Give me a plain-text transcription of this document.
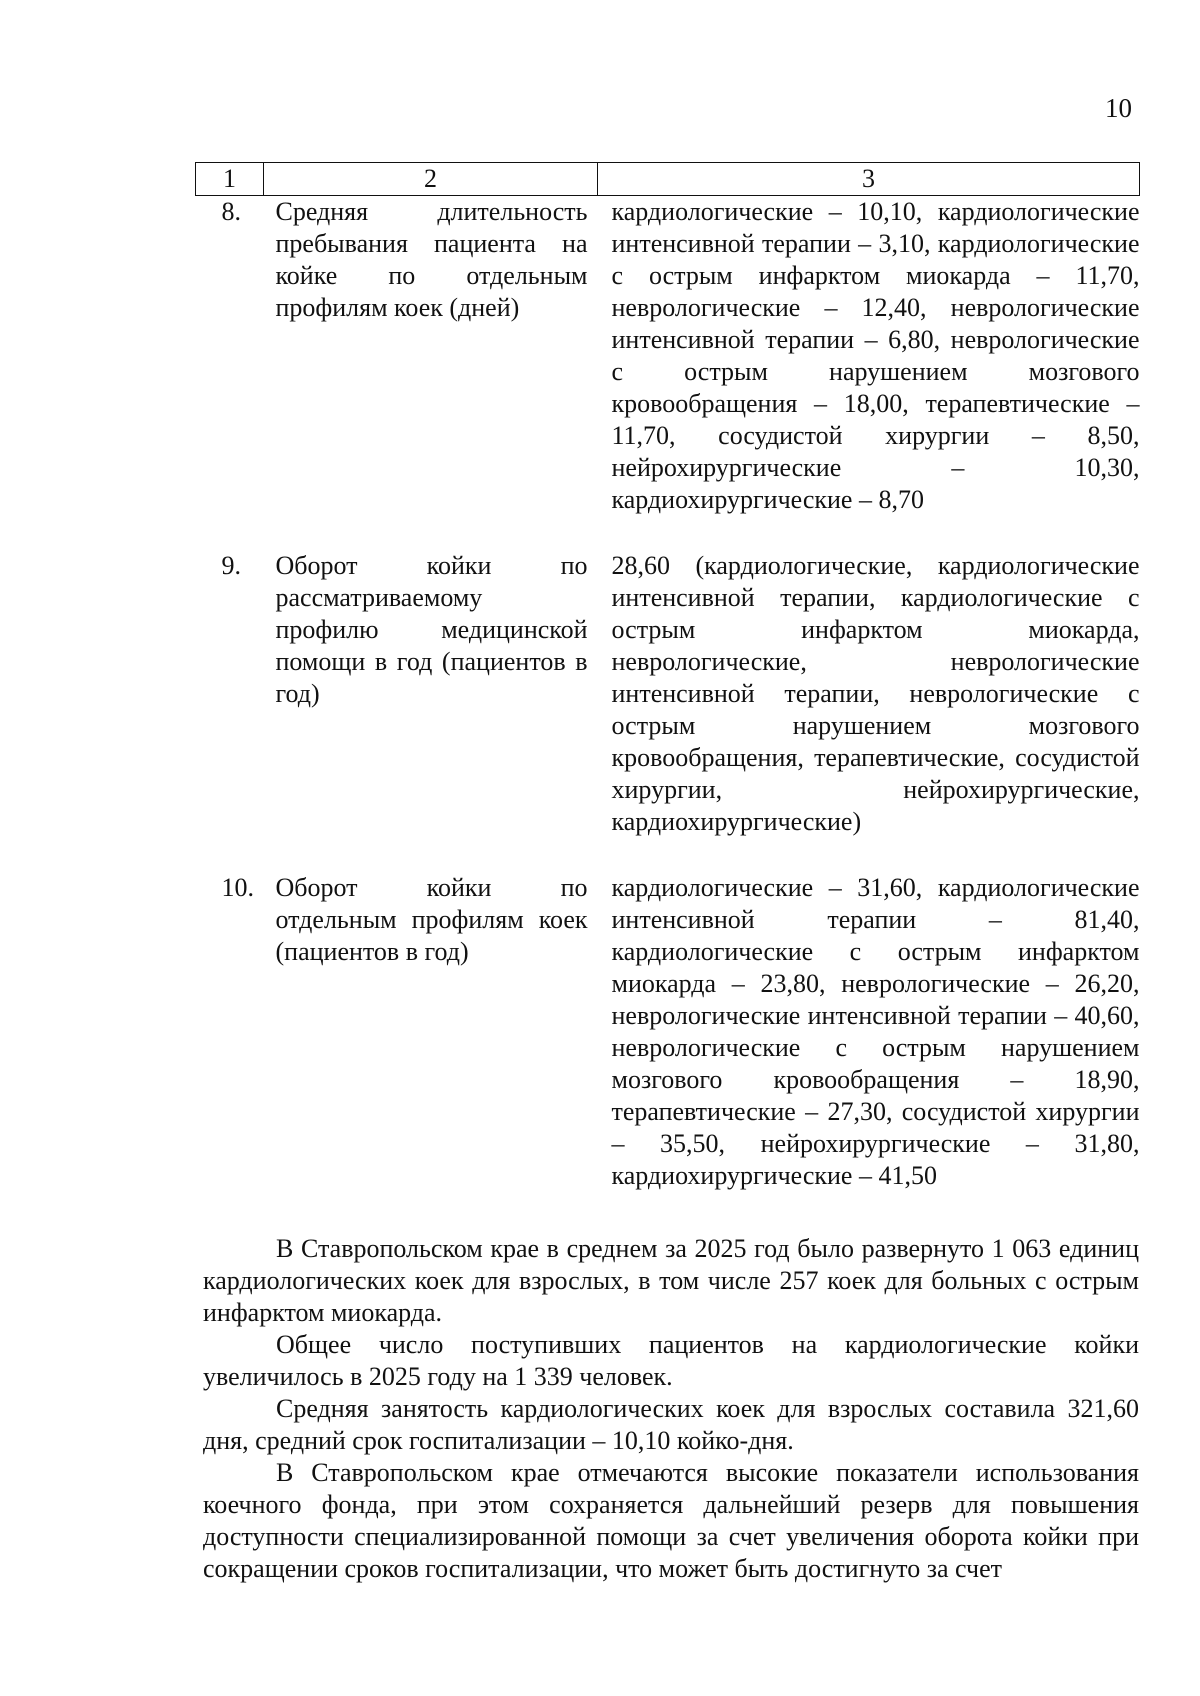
10
1	2	3
8.	Средняя длительность пребывания пациента на койке по отдельным профилям коек (дней)	кардиологические – 10,10, кардиологические интенсивной терапии – 3,10, кардиологические с острым инфарктом миокарда – 11,70, неврологические – 12,40, неврологические интенсивной терапии – 6,80, неврологические с острым нарушением мозгового кровообращения – 18,00, терапевтические – 11,70, сосудистой хирургии – 8,50, нейрохирургические – 10,30, кардиохирургические – 8,70

9.	Оборот койки по рассматриваемому профилю медицинской помощи в год (пациентов в год)	28,60 (кардиологические, кардиологические интенсивной терапии, кардиологические с острым инфарктом миокарда, неврологические, неврологические интенсивной терапии, неврологические с острым нарушением мозгового кровообращения, терапевтические, сосудистой хирургии, нейрохирургические, кардиохирургические)

10.	Оборот койки по отдельным профилям коек (пациентов в год)	кардиологические – 31,60, кардиологические интенсивной терапии – 81,40, кардиологические с острым инфарктом миокарда – 23,80, неврологические – 26,20, неврологические интенсивной терапии – 40,60, неврологические с острым нарушением мозгового кровообращения – 18,90, терапевтические – 27,30, сосудистой хирургии – 35,50, нейрохирургические – 31,80, кардиохирургические – 41,50

В Ставропольском крае в среднем за 2025 год было развернуто 1 063 единиц кардиологических коек для взрослых, в том числе 257 коек для больных с острым инфарктом миокарда.

Общее число поступивших пациентов на кардиологические койки увеличилось в 2025 году на 1 339 человек.

Средняя занятость кардиологических коек для взрослых составила 321,60 дня, средний срок госпитализации – 10,10 койко-дня.

В Ставропольском крае отмечаются высокие показатели использования коечного фонда, при этом сохраняется дальнейший резерв для повышения доступности специализированной помощи за счет увеличения оборота койки при сокращении сроков госпитализации, что может быть достигнуто за счет
